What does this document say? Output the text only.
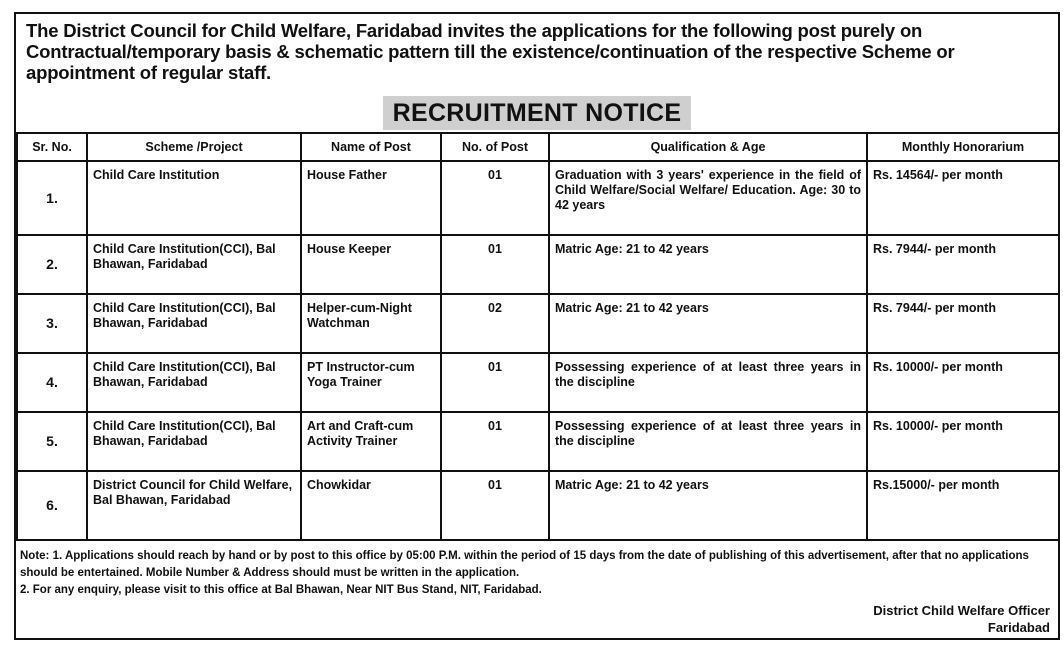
The District Council for Child Welfare, Faridabad invites the applications for the following post purely on Contractual/temporary basis & schematic pattern till the existence/continuation of the respective Scheme or appointment of regular staff.
RECRUITMENT NOTICE
Sr. No.	Scheme /Project	Name of Post	No. of Post	Qualification & Age	Monthly Honorarium
1.	Child Care Institution	House Father	01	Graduation with 3 years' experience in the field of Child Welfare/Social Welfare/ Education. Age: 30 to 42 years	Rs. 14564/- per month
2.	Child Care Institution(CCI), Bal Bhawan, Faridabad	House Keeper	01	Matric Age: 21 to 42 years	Rs. 7944/- per month
3.	Child Care Institution(CCI), Bal Bhawan, Faridabad	Helper-cum-Night Watchman	02	Matric Age: 21 to 42 years	Rs. 7944/- per month
4.	Child Care Institution(CCI), Bal Bhawan, Faridabad	PT Instructor-cum Yoga Trainer	01	Possessing experience of at least three years in the discipline	Rs. 10000/- per month
5.	Child Care Institution(CCI), Bal Bhawan, Faridabad	Art and Craft-cum Activity Trainer	01	Possessing experience of at least three years in the discipline	Rs. 10000/- per month
6.	District Council for Child Welfare, Bal Bhawan, Faridabad	Chowkidar	01	Matric Age: 21 to 42 years	Rs.15000/- per month
Note: 1. Applications should reach by hand or by post to this office by 05:00 P.M. within the period of 15 days from the date of publishing of this advertisement, after that no applications should be entertained. Mobile Number & Address should must be written in the application.
2. For any enquiry, please visit to this office at Bal Bhawan, Near NIT Bus Stand, NIT, Faridabad.
District Child Welfare Officer
Faridabad
